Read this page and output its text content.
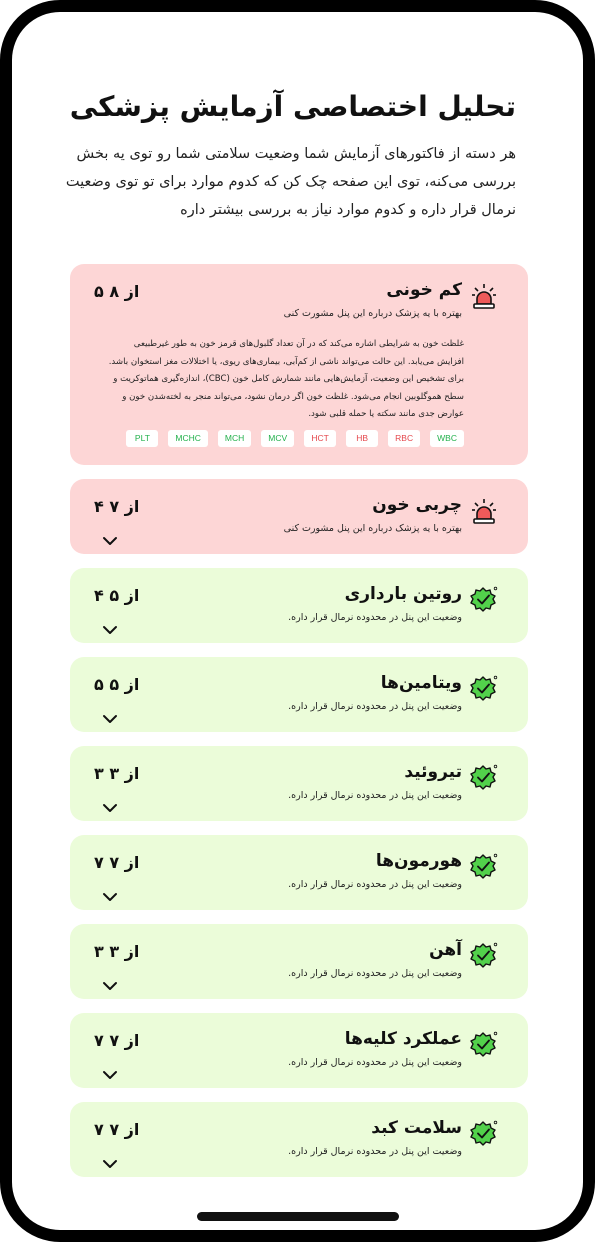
تحلیل اختصاصی آزمایش پزشکی

هر دسته از فاکتورهای آزمایش شما وضعیت سلامتی شما رو توی یه بخش بررسی می‌کنه، توی این صفحه چک کن که کدوم موارد برای تو توی وضعیت نرمال قرار داره و کدوم موارد نیاز به بررسی بیشتر داره

کم خونی
بهتره با یه پزشک درباره این پنل مشورت کنی
۵ از ۸
غلظت خون به شرایطی اشاره می‌کند که در آن تعداد گلبول‌های قرمز خون به طور غیرطبیعی افزایش می‌یابد. این حالت می‌تواند ناشی از کم‌آبی، بیماری‌های ریوی، یا اختلالات مغز استخوان باشد. برای تشخیص این وضعیت، آزمایش‌هایی مانند شمارش کامل خون (CBC)، اندازه‌گیری هماتوکریت و سطح هموگلوبین انجام می‌شود. غلظت خون اگر درمان نشود، می‌تواند منجر به لخته‌شدن خون و عوارض جدی مانند سکته یا حمله قلبی شود.
WBC
RBC
HB
HCT
MCV
MCH
MCHC
PLT
چربی خون
بهتره با یه پزشک درباره این پنل مشورت کنی
۴ از ۷
روتین بارداری
وضعیت این پنل در محدوده نرمال قرار داره.
۴ از ۵
ویتامین‌ها
وضعیت این پنل در محدوده نرمال قرار داره.
۵ از ۵
تیروئید
وضعیت این پنل در محدوده نرمال قرار داره.
۳ از ۳
هورمون‌ها
وضعیت این پنل در محدوده نرمال قرار داره.
۷ از ۷
آهن
وضعیت این پنل در محدوده نرمال قرار داره.
۳ از ۳
عملکرد کلیه‌ها
وضعیت این پنل در محدوده نرمال قرار داره.
۷ از ۷
سلامت کبد
وضعیت این پنل در محدوده نرمال قرار داره.
۷ از ۷
